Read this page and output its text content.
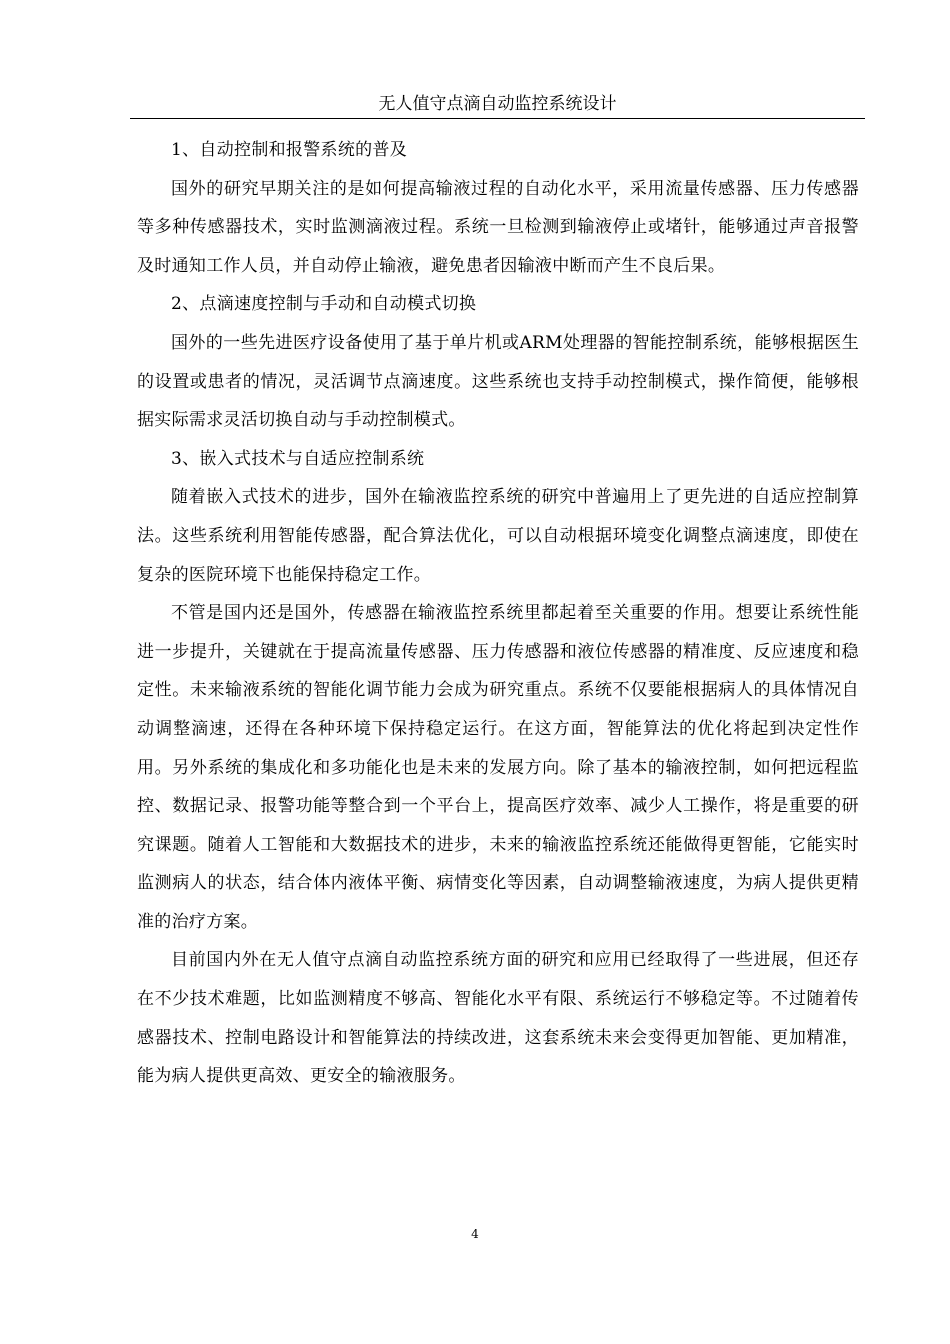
无人值守点滴自动监控系统设计

1、自动控制和报警系统的普及

国外的研究早期关注的是如何提高输液过程的自动化水平，采用流量传感器、压力传感器等多种传感器技术，实时监测滴液过程。系统一旦检测到输液停止或堵针，能够通过声音报警及时通知工作人员，并自动停止输液，避免患者因输液中断而产生不良后果。

2、点滴速度控制与手动和自动模式切换

国外的一些先进医疗设备使用了基于单片机或ARM处理器的智能控制系统，能够根据医生的设置或患者的情况，灵活调节点滴速度。这些系统也支持手动控制模式，操作简便，能够根据实际需求灵活切换自动与手动控制模式。

3、嵌入式技术与自适应控制系统

随着嵌入式技术的进步，国外在输液监控系统的研究中普遍用上了更先进的自适应控制算法。这些系统利用智能传感器，配合算法优化，可以自动根据环境变化调整点滴速度，即使在复杂的医院环境下也能保持稳定工作。

不管是国内还是国外，传感器在输液监控系统里都起着至关重要的作用。想要让系统性能进一步提升，关键就在于提高流量传感器、压力传感器和液位传感器的精准度、反应速度和稳定性。未来输液系统的智能化调节能力会成为研究重点。系统不仅要能根据病人的具体情况自动调整滴速，还得在各种环境下保持稳定运行。在这方面，智能算法的优化将起到决定性作用。另外系统的集成化和多功能化也是未来的发展方向。除了基本的输液控制，如何把远程监控、数据记录、报警功能等整合到一个平台上，提高医疗效率、减少人工操作，将是重要的研究课题。随着人工智能和大数据技术的进步，未来的输液监控系统还能做得更智能，它能实时监测病人的状态，结合体内液体平衡、病情变化等因素，自动调整输液速度，为病人提供更精准的治疗方案。

目前国内外在无人值守点滴自动监控系统方面的研究和应用已经取得了一些进展，但还存在不少技术难题，比如监测精度不够高、智能化水平有限、系统运行不够稳定等。不过随着传感器技术、控制电路设计和智能算法的持续改进，这套系统未来会变得更加智能、更加精准，能为病人提供更高效、更安全的输液服务。

4
